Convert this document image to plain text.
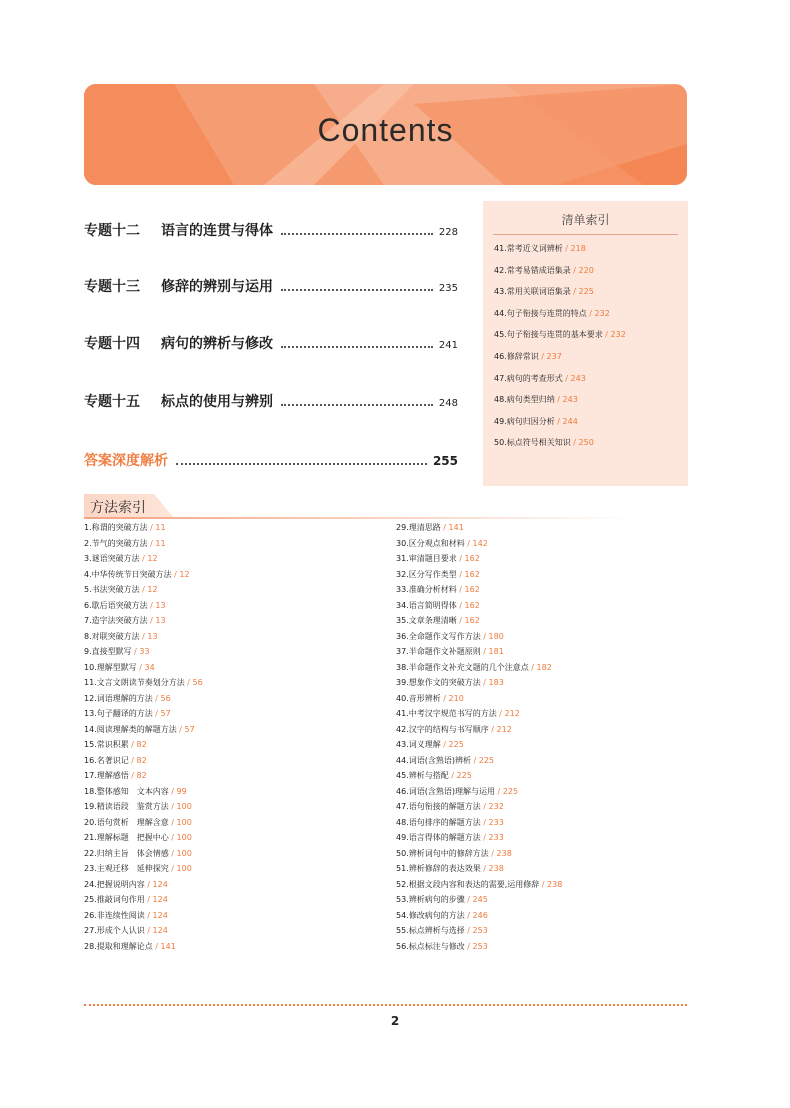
Contents
专题十二	语言的连贯与得体	228
专题十三	修辞的辨别与运用	235
专题十四	病句的辨析与修改	241
专题十五	标点的使用与辨别	248
答案深度解析	255
清单索引
41.常考近义词辨析 / 218
42.常考易错成语集录 / 220
43.常用关联词语集录 / 225
44.句子衔接与连贯的特点 / 232
45.句子衔接与连贯的基本要求 / 232
46.修辞常识 / 237
47.病句的考查形式 / 243
48.病句类型归纳 / 243
49.病句归因分析 / 244
50.标点符号相关知识 / 250
方法索引
1.称谓的突破方法 / 11
2.节气的突破方法 / 11
3.谜语突破方法 / 12
4.中华传统节日突破方法 / 12
5.书法突破方法 / 12
6.歇后语突破方法 / 13
7.造字法突破方法 / 13
8.对联突破方法 / 13
9.直接型默写 / 33
10.理解型默写 / 34
11.文言文朗读节奏划分方法 / 56
12.词语理解的方法 / 56
13.句子翻译的方法 / 57
14.阅读理解类的解题方法 / 57
15.常识积累 / 82
16.名著识记 / 82
17.理解感悟 / 82
18.整体感知　文本内容 / 99
19.精读语段　鉴赏方法 / 100
20.语句赏析　理解含意 / 100
21.理解标题　把握中心 / 100
22.归纳主旨　体会情感 / 100
23.主观迁移　延伸探究 / 100
24.把握说明内容 / 124
25.推敲词句作用 / 124
26.非连续性阅读 / 124
27.形成个人认识 / 124
28.提取和理解论点 / 141
29.理清思路 / 141
30.区分观点和材料 / 142
31.审清题目要求 / 162
32.区分写作类型 / 162
33.准确分析材料 / 162
34.语言简明得体 / 162
35.文章条理清晰 / 162
36.全命题作文写作方法 / 180
37.半命题作文补题原则 / 181
38.半命题作文补充文题的几个注意点 / 182
39.想象作文的突破方法 / 183
40.音形辨析 / 210
41.中考汉字规范书写的方法 / 212
42.汉字的结构与书写顺序 / 212
43.词义理解 / 225
44.词语(含熟语)辨析 / 225
45.辨析与搭配 / 225
46.词语(含熟语)理解与运用 / 225
47.语句衔接的解题方法 / 232
48.语句排序的解题方法 / 233
49.语言得体的解题方法 / 233
50.辨析词句中的修辞方法 / 238
51.辨析修辞的表达效果 / 238
52.根据文段内容和表达的需要,运用修辞 / 238
53.辨析病句的步骤 / 245
54.修改病句的方法 / 246
55.标点辨析与选择 / 253
56.标点标注与修改 / 253
2
